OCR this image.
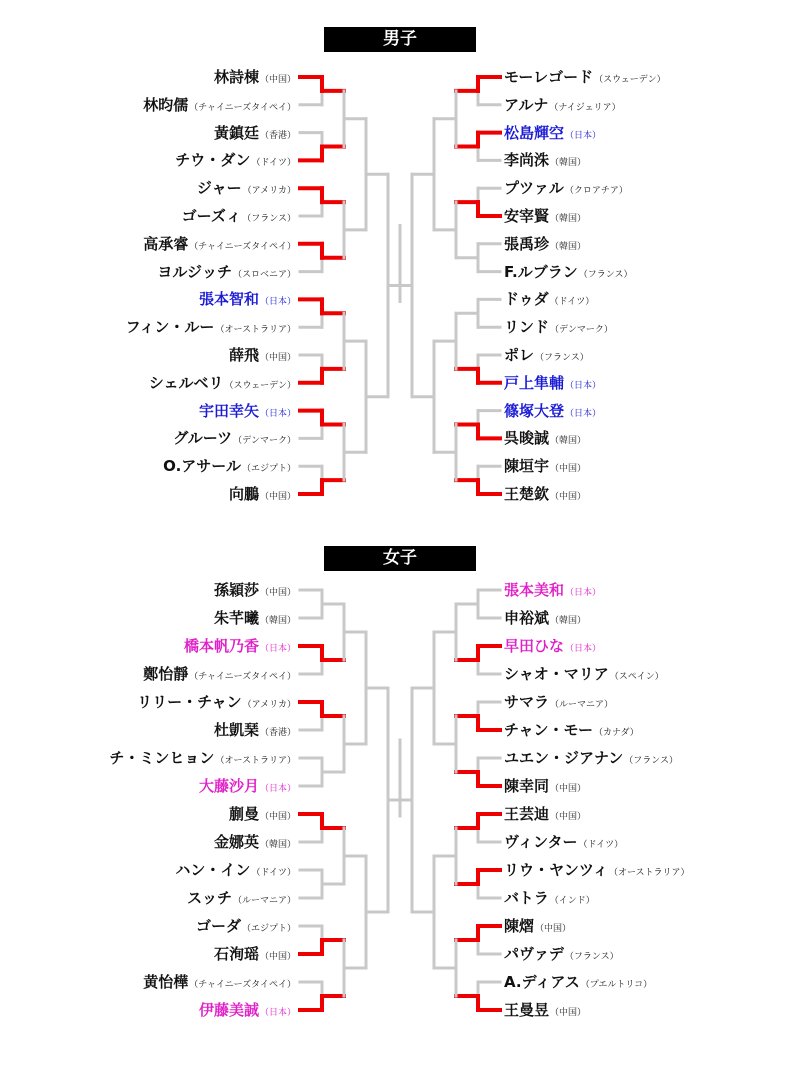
男子
女子
林詩棟（中国）
林昀儒（チャイニーズタイペイ）
黃鎮廷（香港）
チウ・ダン（ドイツ）
ジャー（アメリカ）
ゴーズィ（フランス）
高承睿（チャイニーズタイペイ）
ヨルジッチ（スロベニア）
張本智和（日本）
フィン・ルー（オーストラリア）
薛飛（中国）
シェルベリ（スウェーデン）
宇田幸矢（日本）
グルーツ（デンマーク）
O.アサール（エジプト）
向鵬（中国）
モーレゴード（スウェーデン）
アルナ（ナイジェリア）
松島輝空（日本）
李尚洙（韓国）
プツァル（クロアチア）
安宰賢（韓国）
張禹珍（韓国）
F.ルブラン（フランス）
ドゥダ（ドイツ）
リンド（デンマーク）
ポレ（フランス）
戸上隼輔（日本）
篠塚大登（日本）
呉晙誠（韓国）
陳垣宇（中国）
王楚欽（中国）
孫穎莎（中国）
朱芊曦（韓国）
橋本帆乃香（日本）
鄭怡靜（チャイニーズタイペイ）
リリー・チャン（アメリカ）
杜凱琹（香港）
チ・ミンヒョン（オーストラリア）
大藤沙月（日本）
蒯曼（中国）
金娜英（韓国）
ハン・イン（ドイツ）
スッチ（ルーマニア）
ゴーダ（エジプト）
石洵瑶（中国）
黄怡樺（チャイニーズタイペイ）
伊藤美誠（日本）
張本美和（日本）
申裕斌（韓国）
早田ひな（日本）
シャオ・マリア（スペイン）
サマラ（ルーマニア）
チャン・モー（カナダ）
ユエン・ジアナン（フランス）
陳幸同（中国）
王芸迪（中国）
ヴィンター（ドイツ）
リウ・ヤンツィ（オーストラリア）
バトラ（インド）
陳熠（中国）
パヴァデ（フランス）
A.ディアス（プエルトリコ）
王曼昱（中国）
